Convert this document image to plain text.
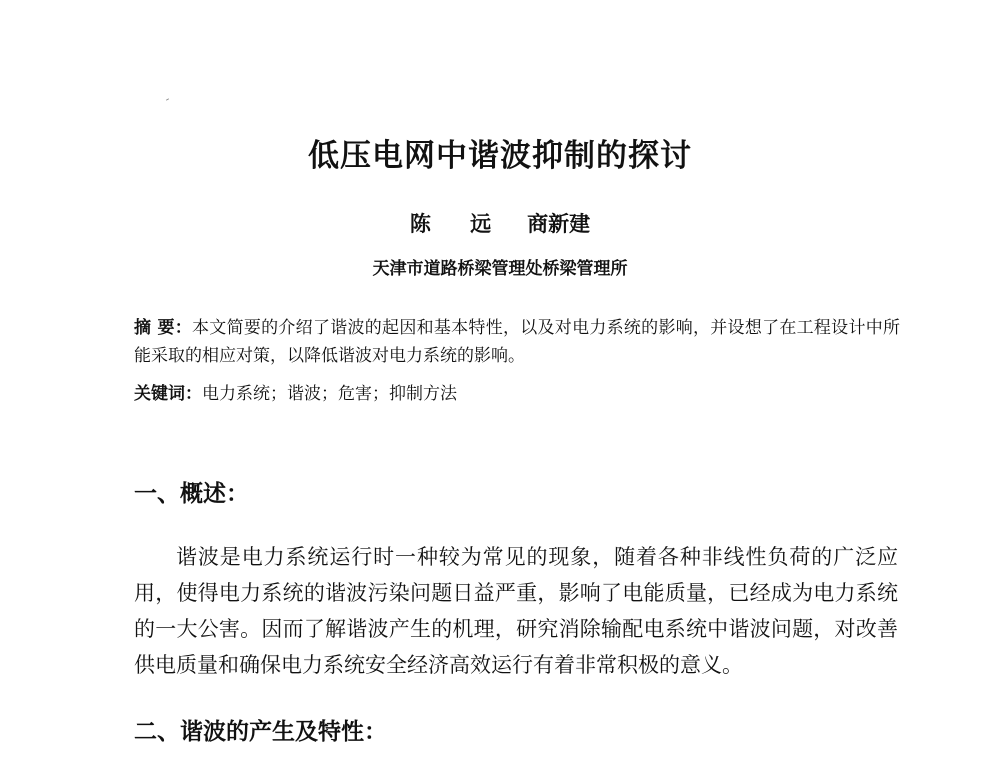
低压电网中谐波抑制的探讨
陈 远 商新建
天津市道路桥梁管理处桥梁管理所
摘 要：本文简要的介绍了谐波的起因和基本特性，以及对电力系统的影响，并设想了在工程设计中所能采取的相应对策，以降低谐波对电力系统的影响。
关键词：电力系统；谐波；危害；抑制方法
一、概述：
谐波是电力系统运行时一种较为常见的现象，随着各种非线性负荷的广泛应用，使得电力系统的谐波污染问题日益严重，影响了电能质量，已经成为电力系统的一大公害。因而了解谐波产生的机理，研究消除输配电系统中谐波问题，对改善供电质量和确保电力系统安全经济高效运行有着非常积极的意义。
二、谐波的产生及特性：
